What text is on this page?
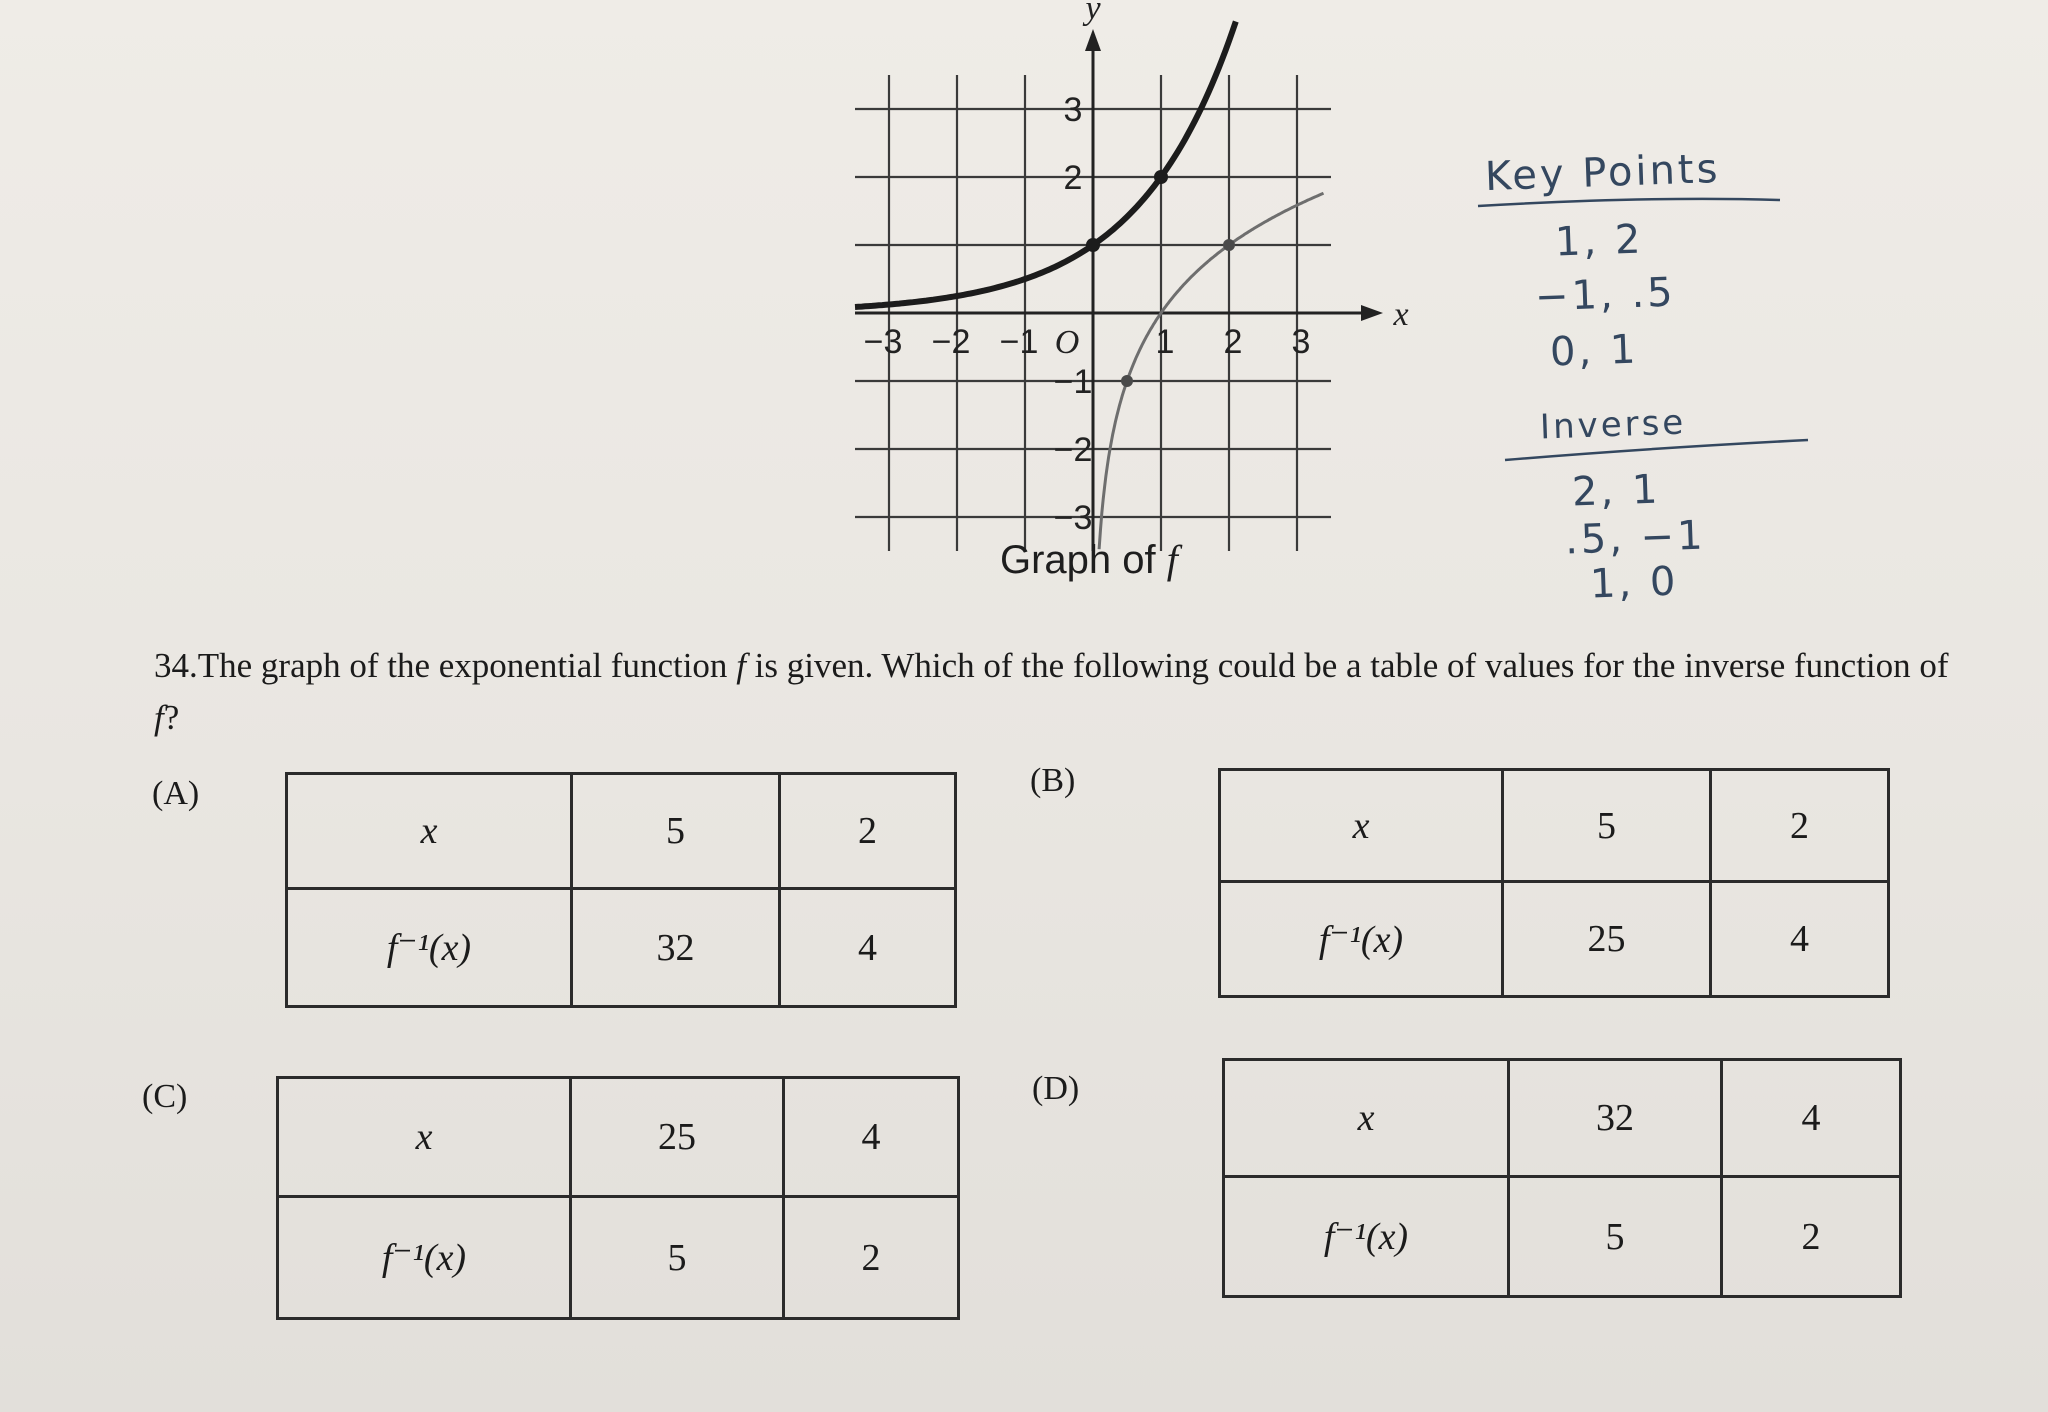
−3 −2 −1	1 2 3
3
2
−1
−2
−3
O
x
y
Graph of f
Key Points
1, 2
−1, .5
0, 1
Inverse
2, 1
.5, −1
1, 0
34.The graph of the exponential function f is given. Which of the following could be a table of values for the inverse function of f?
(A)
x	5	2
f⁻¹(x)	32	4
(B)
x	5	2
f⁻¹(x)	25	4
(C)
x	25	4
f⁻¹(x)	5	2
(D)
x	32	4
f⁻¹(x)	5	2
